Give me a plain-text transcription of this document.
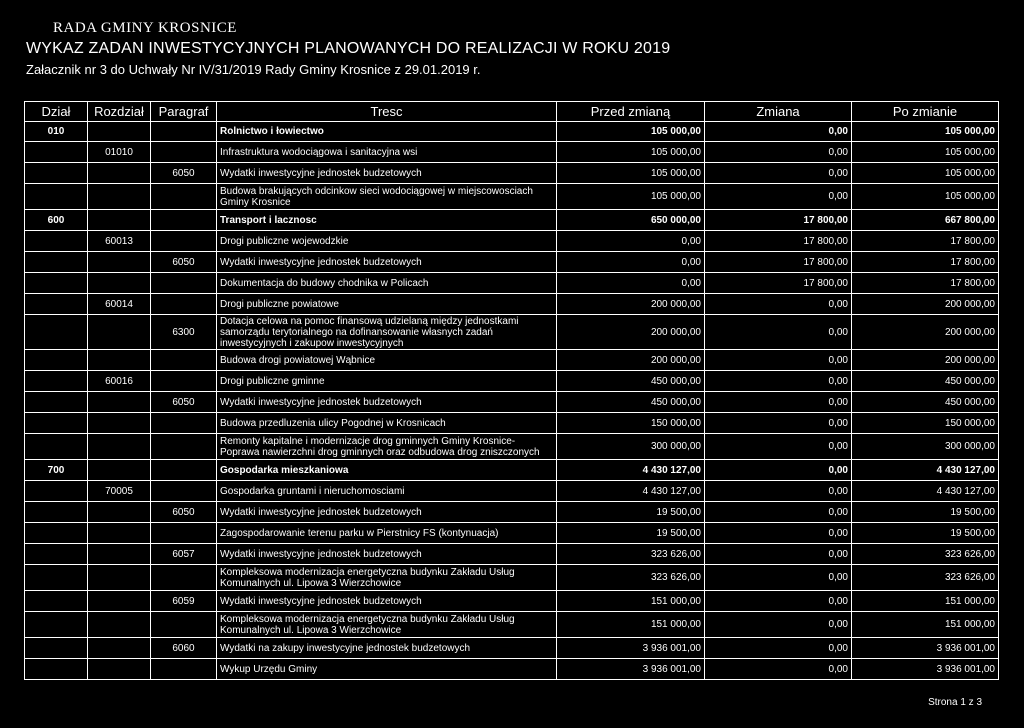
RADA GMINY KROSNICE
WYKAZ ZADAN INWESTYCYJNYCH PLANOWANYCH DO REALIZACJI W ROKU 2019
Załacznik nr 3 do Uchwały Nr IV/31/2019 Rady Gminy Krosnice z 29.01.2019 r.
Dział	Rozdział	Paragraf	Tresc	Przed zmianą	Zmiana	Po zmianie
010			Rolnictwo i łowiectwo	105 000,00	0,00	105 000,00
	01010		Infrastruktura wodociągowa i sanitacyjna wsi	105 000,00	0,00	105 000,00
		6050	Wydatki inwestycyjne jednostek budzetowych	105 000,00	0,00	105 000,00
			Budowa brakujących odcinkow sieci wodociągowej w miejscowosciach Gminy Krosnice	105 000,00	0,00	105 000,00
600			Transport i lacznosc	650 000,00	17 800,00	667 800,00
	60013		Drogi publiczne wojewodzkie	0,00	17 800,00	17 800,00
		6050	Wydatki inwestycyjne jednostek budzetowych	0,00	17 800,00	17 800,00
			Dokumentacja do budowy chodnika w Policach	0,00	17 800,00	17 800,00
	60014		Drogi publiczne powiatowe	200 000,00	0,00	200 000,00
		6300	Dotacja celowa na pomoc finansową udzielaną między jednostkami samorządu terytorialnego na dofinansowanie własnych zadań inwestycyjnych i zakupow inwestycyjnych	200 000,00	0,00	200 000,00
			Budowa drogi powiatowej Wąbnice	200 000,00	0,00	200 000,00
	60016		Drogi publiczne gminne	450 000,00	0,00	450 000,00
		6050	Wydatki inwestycyjne jednostek budzetowych	450 000,00	0,00	450 000,00
			Budowa przedluzenia ulicy Pogodnej w Krosnicach	150 000,00	0,00	150 000,00
			Remonty kapitalne i modernizacje drog gminnych Gminy Krosnice-Poprawa nawierzchni drog gminnych oraz odbudowa drog zniszczonych	300 000,00	0,00	300 000,00
700			Gospodarka mieszkaniowa	4 430 127,00	0,00	4 430 127,00
	70005		Gospodarka gruntami i nieruchomosciami	4 430 127,00	0,00	4 430 127,00
		6050	Wydatki inwestycyjne jednostek budzetowych	19 500,00	0,00	19 500,00
			Zagospodarowanie terenu parku w Pierstnicy FS (kontynuacja)	19 500,00	0,00	19 500,00
		6057	Wydatki inwestycyjne jednostek budzetowych	323 626,00	0,00	323 626,00
			Kompleksowa modernizacja energetyczna budynku Zakładu Usług Komunalnych ul. Lipowa 3 Wierzchowice	323 626,00	0,00	323 626,00
		6059	Wydatki inwestycyjne jednostek budzetowych	151 000,00	0,00	151 000,00
			Kompleksowa modernizacja energetyczna budynku Zakładu Usług Komunalnych ul. Lipowa 3 Wierzchowice	151 000,00	0,00	151 000,00
		6060	Wydatki na zakupy inwestycyjne jednostek budzetowych	3 936 001,00	0,00	3 936 001,00
			Wykup Urzędu Gminy	3 936 001,00	0,00	3 936 001,00
Strona 1 z 3
